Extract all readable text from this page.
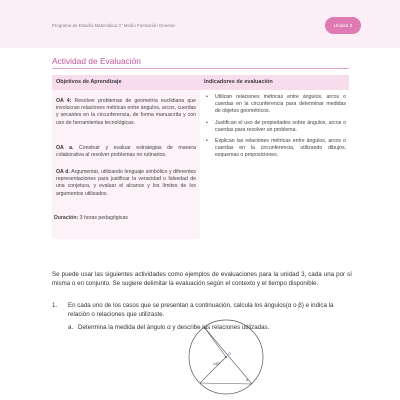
Programa de Estudio Matemática 3° Medio Formación General	Unidad 3
Actividad de Evaluación
Objetivos de Aprendizaje	Indicadores de evaluación

OA 4: Resolver problemas de geometría euclidiana que involucran relaciones métricas entre ángulos, arcos, cuerdas y secantes en la circunferencia, de forma manuscrita y con uso de herramientas tecnológicas.

OA a. Construir y evaluar estrategias de manera colaborativa al resolver problemas no rutinarios.

OA d. Argumentar, utilizando lenguaje simbólico y diferentes representaciones para justificar la veracidad o falsedad de una conjetura, y evaluar el alcance y los límites de los argumentos utilizados.

Duración: 3 horas pedagógicas

• Utilizan relaciones métricas entre ángulos, arcos o cuerdas en la circunferencia para determinar medidas de objetos geométricos.
• Justifican el uso de propiedades sobre ángulos, arcos o cuerdas para resolver un problema.
• Explican las relaciones métricas entre ángulos, arcos o cuerdas en la circunferencia, utilizando dibujos, esquemas o proposiciones.

Se puede usar las siguientes actividades como ejemplos de evaluaciones para la unidad 3, cada una por sí misma o en conjunto. Se sugiere delimitar la evaluación según el contexto y el tiempo disponible.

1. En cada uno de los casos que se presentan a continuación, calcula los ángulos(α o β) e indica la relación o relaciones que utilizaste.
a. Determina la medida del ángulo α y describe las relaciones utilizadas.
O
140°
α
